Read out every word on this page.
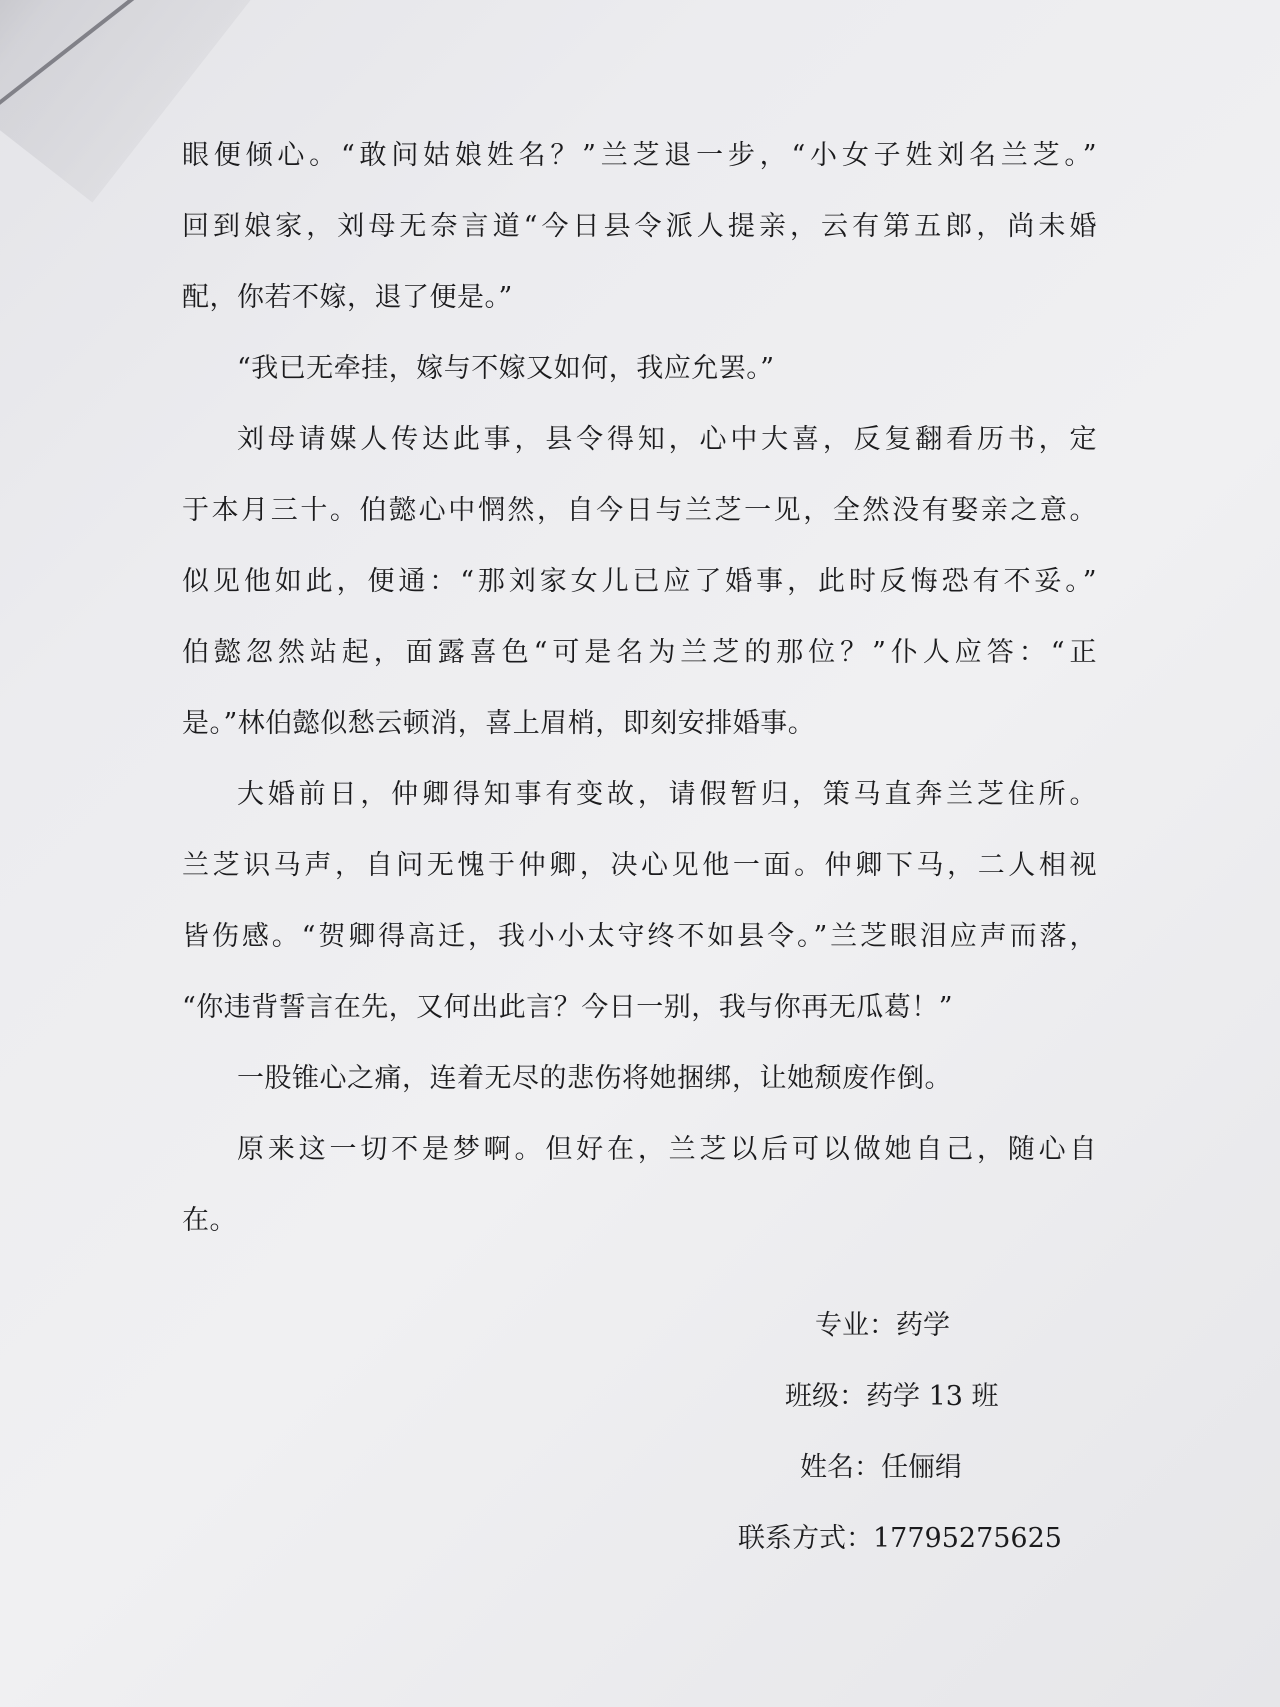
眼便倾心。“敢问姑娘姓名？”兰芝退一步，“小女子姓刘名兰芝。”
回到娘家，刘母无奈言道“今日县令派人提亲，云有第五郎，尚未婚
配，你若不嫁，退了便是。”
“我已无牵挂，嫁与不嫁又如何，我应允罢。”
刘母请媒人传达此事，县令得知，心中大喜，反复翻看历书，定
于本月三十。伯懿心中惘然，自今日与兰芝一见，全然没有娶亲之意。
似见他如此，便通：“那刘家女儿已应了婚事，此时反悔恐有不妥。”
伯懿忽然站起，面露喜色“可是名为兰芝的那位？”仆人应答：“正
是。”林伯懿似愁云顿消，喜上眉梢，即刻安排婚事。
大婚前日，仲卿得知事有变故，请假暂归，策马直奔兰芝住所。
兰芝识马声，自问无愧于仲卿，决心见他一面。仲卿下马，二人相视
皆伤感。“贺卿得高迁，我小小太守终不如县令。”兰芝眼泪应声而落，
“你违背誓言在先，又何出此言？今日一别，我与你再无瓜葛！”
一股锥心之痛，连着无尽的悲伤将她捆绑，让她颓废作倒。
原来这一切不是梦啊。但好在，兰芝以后可以做她自己，随心自
在。
专业：药学
班级：药学 13 班
姓名：任俪绢
联系方式：17795275625
